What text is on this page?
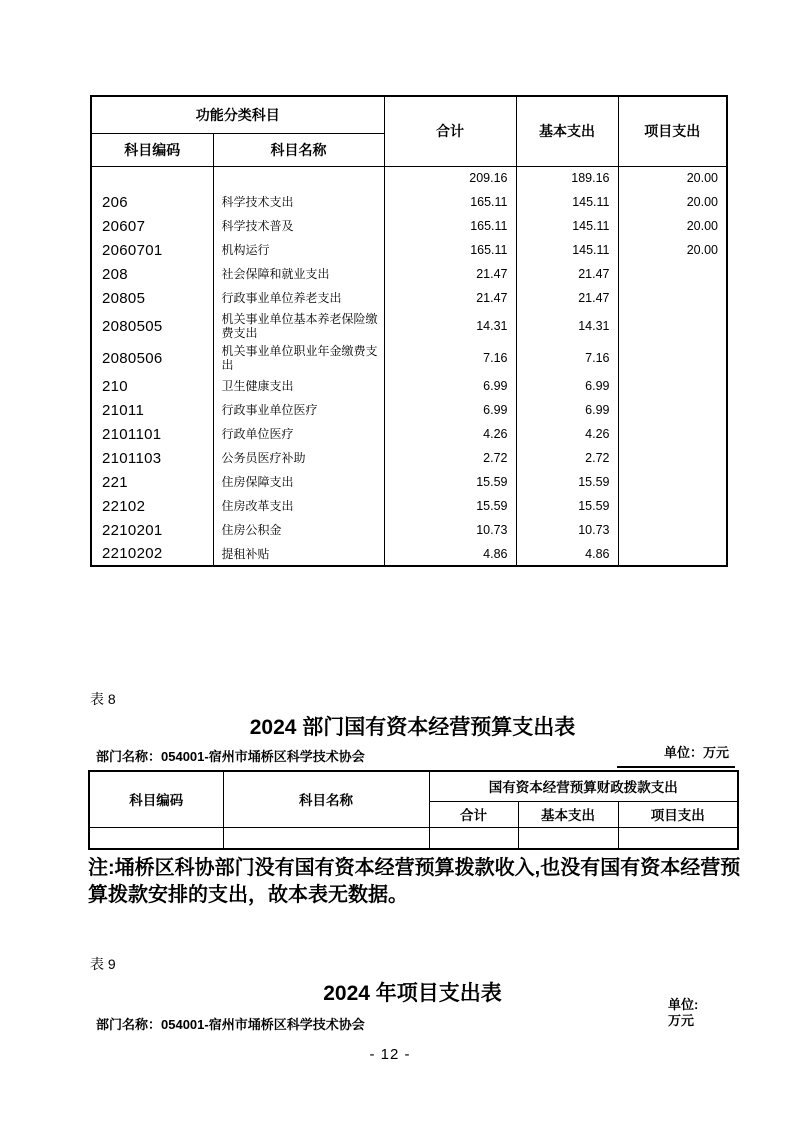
功能分类科目		合计	基本支出	项目支出
科目编码	科目名称			
		209.16	189.16	20.00
206	科学技术支出	165.11	145.11	20.00
20607	科学技术普及	165.11	145.11	20.00
2060701	机构运行	165.11	145.11	20.00
208	社会保障和就业支出	21.47	21.47	
20805	行政事业单位养老支出	21.47	21.47	
2080505	机关事业单位基本养老保险缴费支出	14.31	14.31	
2080506	机关事业单位职业年金缴费支出	7.16	7.16	
210	卫生健康支出	6.99	6.99	
21011	行政事业单位医疗	6.99	6.99	
2101101	行政单位医疗	4.26	4.26	
2101103	公务员医疗补助	2.72	2.72	
221	住房保障支出	15.59	15.59	
22102	住房改革支出	15.59	15.59	
2210201	住房公积金	10.73	10.73	
2210202	提租补贴	4.86	4.86	
表 8
2024 部门国有资本经营预算支出表
部门名称：054001-宿州市埇桥区科学技术协会	单位：万元
科目编码	科目名称	国有资本经营预算财政拨款支出		
		合计	基本支出	项目支出

注:埇桥区科协部门没有国有资本经营预算拨款收入,也没有国有资本经营预
算拨款安排的支出，故本表无数据。
表 9
2024 年项目支出表
部门名称：054001-宿州市埇桥区科学技术协会
单位:
万元
- 12 -
